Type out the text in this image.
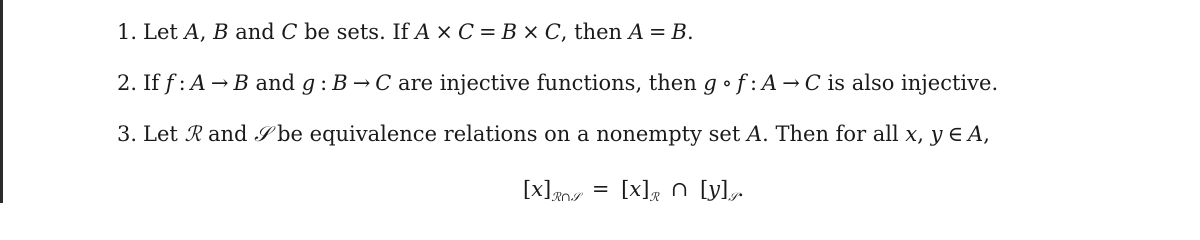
1. Let A, B and C be sets. If A × C = B × C, then A = B.
2. If f : A → B and g : B → C are injective functions, then g ∘ f : A → C is also injective.
3. Let ℛ and 𝒮 be equivalence relations on a nonempty set A. Then for all x, y ∈ A,
$[x]_{ℛ\cap 𝒮} = [x]_ℛ$ ∩ $[y]_𝒮$.
